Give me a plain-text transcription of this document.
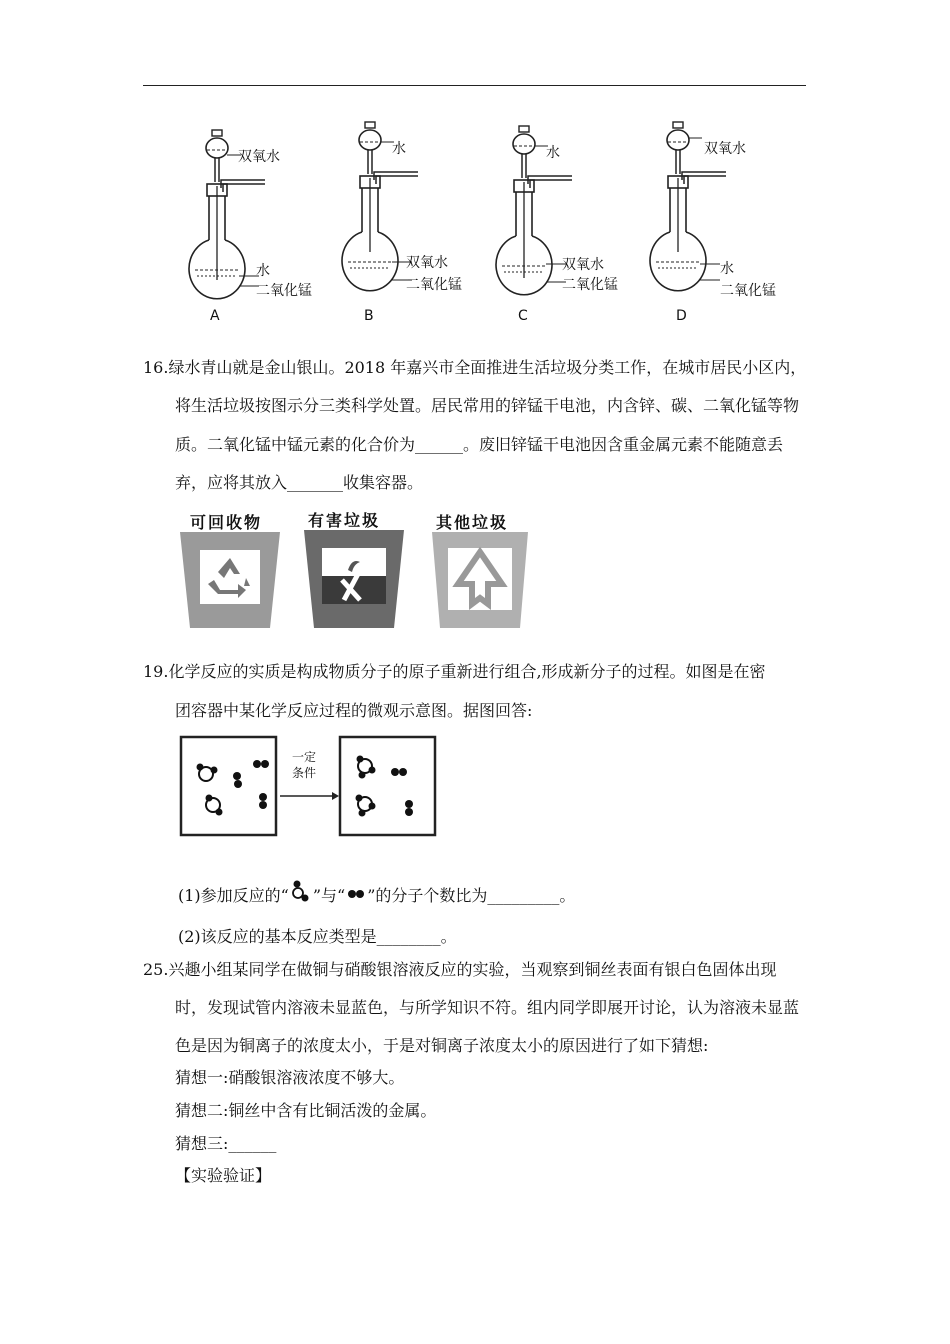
双氧水
水
二氧化锰
A
水
双氧水
二氧化锰
B
水
双氧水
二氧化锰
C
双氧水
水
二氧化锰
D
16.绿水青山就是金山银山。2018 年嘉兴市全面推进生活垃圾分类工作，在城市居民小区内，
将生活垃圾按图示分三类科学处置。居民常用的锌锰干电池，内含锌、碳、二氧化锰等物
质。二氧化锰中锰元素的化合价为______。废旧锌锰干电池因含重金属元素不能随意丢
弃，应将其放入_______收集容器。
可回收物	有害垃圾	其他垃圾
19.化学反应的实质是构成物质分子的原子重新进行组合,形成新分子的过程。如图是在密
团容器中某化学反应过程的微观示意图。据图回答:
一定
条件
(1)参加反应的“ ”与“ ”的分子个数比为_________。
(2)该反应的基本反应类型是________。
25.兴趣小组某同学在做铜与硝酸银溶液反应的实验，当观察到铜丝表面有银白色固体出现
时，发现试管内溶液未显蓝色，与所学知识不符。组内同学即展开讨论，认为溶液未显蓝
色是因为铜离子的浓度太小，于是对铜离子浓度太小的原因进行了如下猜想:
猜想一:硝酸银溶液浓度不够大。
猜想二:铜丝中含有比铜活泼的金属。
猜想三:______
【实验验证】
